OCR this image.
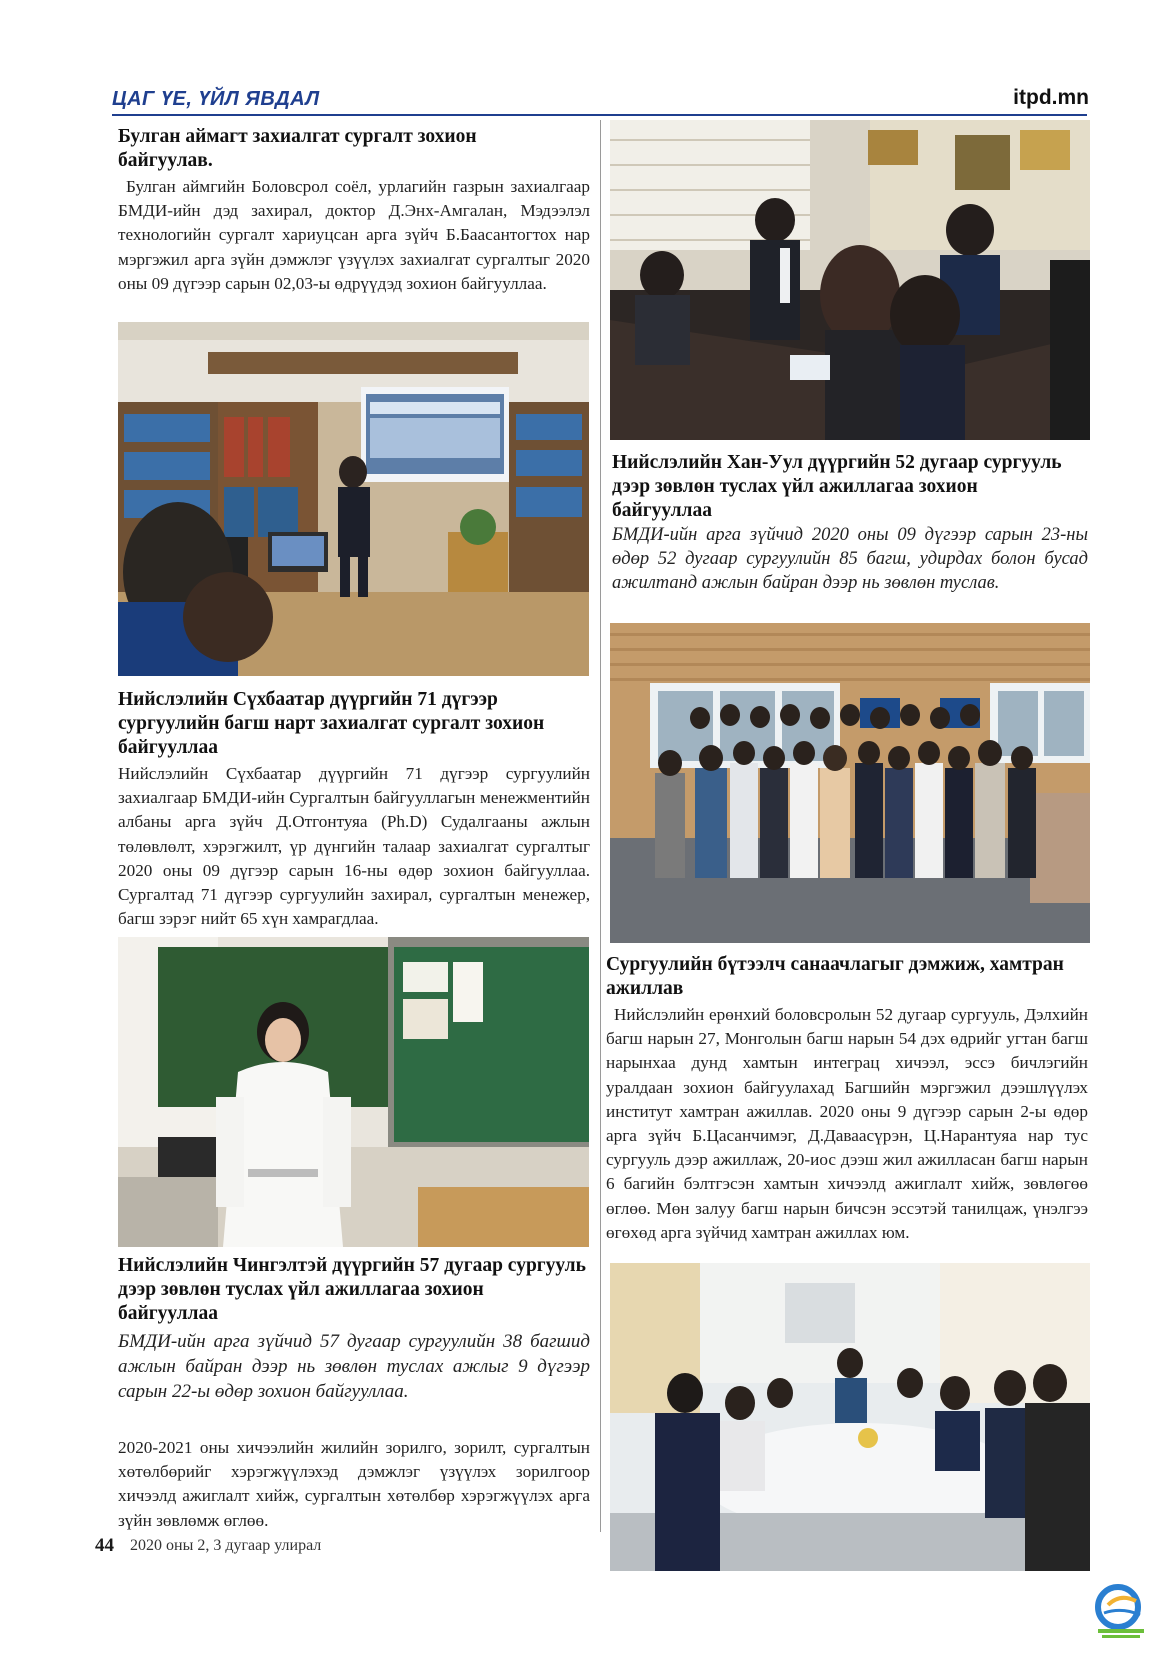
ЦАГ ҮЕ, ҮЙЛ ЯВДАЛ	itpd.mn
Булган аймагт захиалгат сургалт зохион байгуулав.
Булган аймгийн Боловсрол соёл, урлагийн газрын захиалгаар БМДИ-ийн дэд захирал, доктор Д.Энх-Амгалан, Мэдээлэл технологийн сургалт хариуцсан арга зүйч Б.Баасантогтох нар мэргэжил арга зүйн дэмжлэг үзүүлэх захиалгат сургалтыг 2020 оны 09 дүгээр сарын 02,03-ы өдрүүдэд зохион байгууллаа.
Нийслэлийн Сүхбаатар дүүргийн 71 дүгээр сургуулийн багш нарт захиалгат сургалт зохион байгууллаа
Нийслэлийн Сүхбаатар дүүргийн 71 дүгээр сургуулийн захиалгаар БМДИ-ийн Сургалтын байгууллагын менежментийн албаны арга зүйч Д.Отгонтуяа (Ph.D) Судалгааны ажлын төлөвлөлт, хэрэгжилт, үр дүнгийн талаар захиалгат сургалтыг 2020 оны 09 дүгээр сарын 16-ны өдөр зохион байгууллаа. Сургалтад 71 дүгээр сургуулийн захирал, сургалтын менежер, багш зэрэг нийт 65 хүн хамрагдлаа.
Нийслэлийн Чингэлтэй дүүргийн 57 дугаар сургууль дээр зөвлөн туслах үйл ажиллагаа зохион байгууллаа
БМДИ-ийн арга зүйчид 57 дугаар сургуулийн 38 багшид ажлын байран дээр нь зөвлөн туслах ажлыг 9 дүгээр сарын 22-ы өдөр зохион байгууллаа.
2020-2021 оны хичээлийн жилийн зорилго, зорилт, сургалтын хөтөлбөрийг хэрэгжүүлэхэд дэмжлэг үзүүлэх зорилгоор хичээлд ажиглалт хийж, сургалтын хөтөлбөр хэрэгжүүлэх арга зүйн зөвлөмж өглөө.
Нийслэлийн Хан-Уул дүүргийн 52 дугаар сургууль дээр зөвлөн туслах үйл ажиллагаа зохион байгууллаа
БМДИ-ийн арга зүйчид 2020 оны 09 дүгээр сарын 23-ны өдөр 52 дугаар сургуулийн 85 багш, удирдах болон бусад ажилтанд ажлын байран дээр нь зөвлөн туслав.
Сургуулийн бүтээлч санаачлагыг дэмжиж, хамтран ажиллав
Нийслэлийн ерөнхий боловсролын 52 дугаар сургууль, Дэлхийн багш нарын 27, Монголын багш нарын 54 дэх өдрийг угтан багш нарынхаа дунд хамтын интеграц хичээл, эссэ бичлэгийн уралдаан зохион байгуулахад Багшийн мэргэжил дээшлүүлэх институт хамтран ажиллав. 2020 оны 9 дүгээр сарын 2-ы өдөр арга зүйч Б.Цасанчимэг, Д.Даваасүрэн, Ц.Нарантуяа нар тус сургууль дээр ажиллаж, 20-иос дээш жил ажилласан багш нарын 6 багийн бэлтгэсэн хамтын хичээлд ажиглалт хийж, зөвлөгөө өглөө. Мөн залуу багш нарын бичсэн эссэтэй танилцаж, үнэлгээ өгөхөд арга зүйчид хамтран ажиллах юм.
44 2020 оны 2, 3 дугаар улирал
